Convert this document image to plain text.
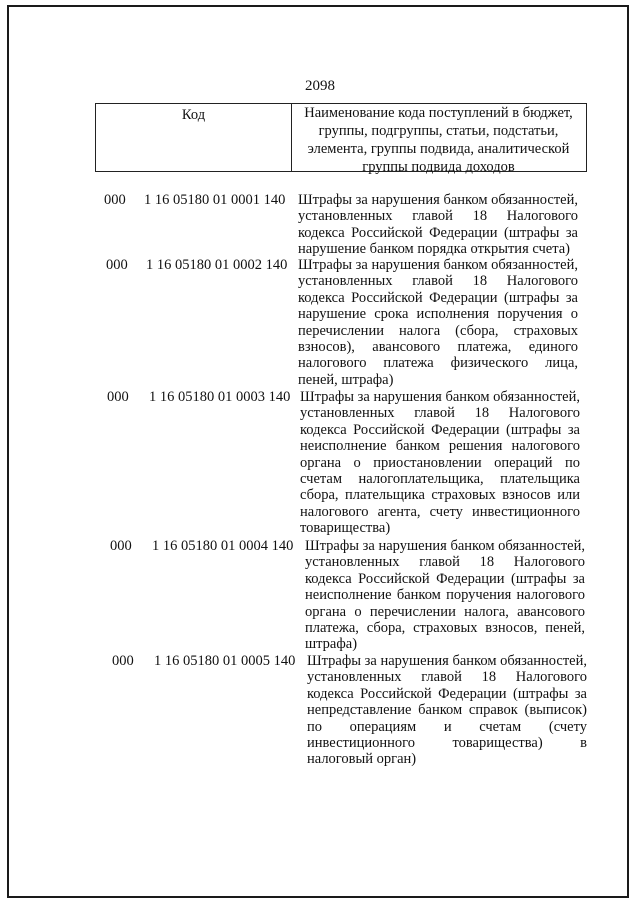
2098
Код	Наименование кода поступлений в бюджет, группы, подгруппы, статьи, подстатьи, элемента, группы подвида, аналитической группы подвида доходов
000	1 16 05180 01 0001 140 Штрафы за нарушения банком обязанностей, установленных главой 18 Налогового кодекса Российской Федерации (штрафы за нарушение банком порядка открытия счета)
000	1 16 05180 01 0002 140 Штрафы за нарушения банком обязанностей, установленных главой 18 Налогового кодекса Российской Федерации (штрафы за нарушение срока исполнения поручения о перечислении налога (сбора, страховых взносов), авансового платежа, единого налогового платежа физического лица, пеней, штрафа)
000	1 16 05180 01 0003 140 Штрафы за нарушения банком обязанностей, установленных главой 18 Налогового кодекса Российской Федерации (штрафы за неисполнение банком решения налогового органа о приостановлении операций по счетам налогоплательщика, плательщика сбора, плательщика страховых взносов или налогового агента, счету инвестиционного товарищества)
000	1 16 05180 01 0004 140 Штрафы за нарушения банком обязанностей, установленных главой 18 Налогового кодекса Российской Федерации (штрафы за неисполнение банком поручения налогового органа о перечислении налога, авансового платежа, сбора, страховых взносов, пеней, штрафа)
000	1 16 05180 01 0005 140 Штрафы за нарушения банком обязанностей, установленных главой 18 Налогового кодекса Российской Федерации (штрафы за непредставление банком справок (выписок) по операциям и счетам (счету инвестиционного товарищества) в налоговый орган)
